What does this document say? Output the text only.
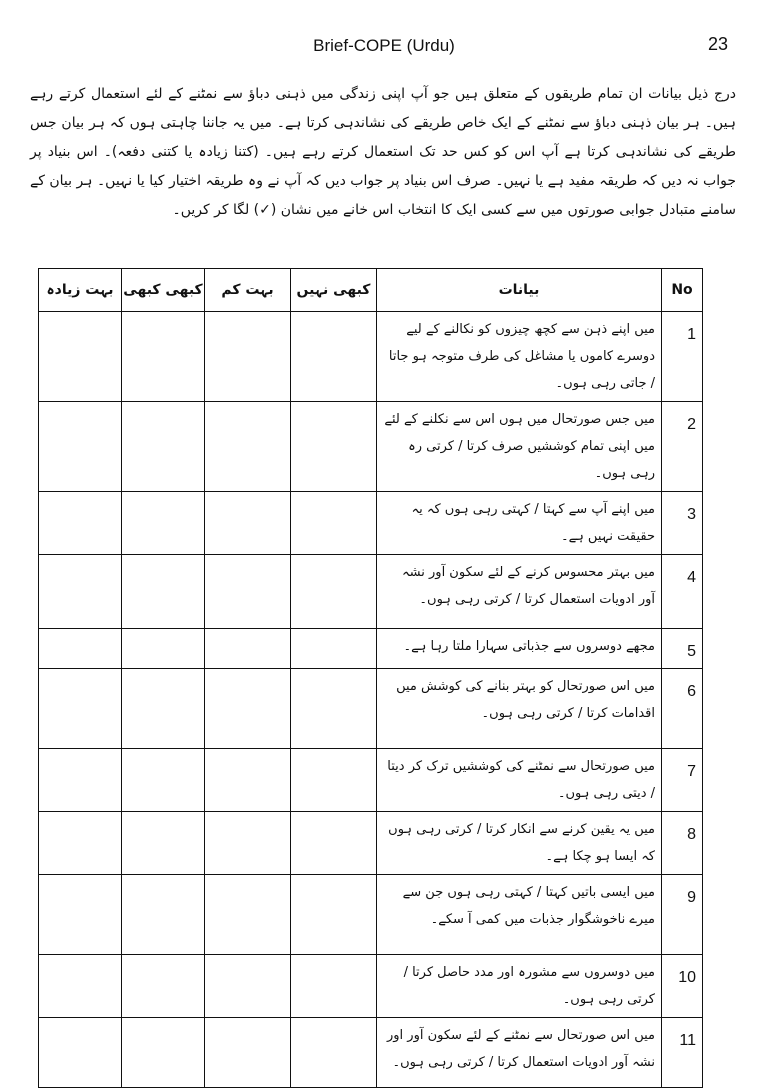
Brief-COPE (Urdu)	23

درج ذیل بیانات ان تمام طریقوں کے متعلق ہیں جو آپ اپنی زندگی میں ذہنی دباؤ سے نمٹنے کے لئے استعمال کرتے رہے ہیں۔ ہر بیان ذہنی دباؤ سے نمٹنے کے ایک خاص طریقے کی نشاندہی کرتا ہے۔ میں یہ جاننا چاہتی ہوں کہ ہر بیان جس طریقے کی نشاندہی کرتا ہے آپ اس کو کس حد تک استعمال کرتے رہے ہیں۔ (کتنا زیادہ یا کتنی دفعہ)۔ اس بنیاد پر جواب نہ دیں کہ طریقہ مفید ہے یا نہیں۔ صرف اس بنیاد پر جواب دیں کہ آپ نے وہ طریقہ اختیار کیا یا نہیں۔ ہر بیان کے سامنے متبادل جوابی صورتوں میں سے کسی ایک کا انتخاب اس خانے میں نشان (✓) لگا کر کریں۔

No	بیانات	کبھی نہیں	بہت کم	کبھی کبھی	بہت زیادہ
1	میں اپنے ذہن سے کچھ چیزوں کو نکالنے کے لیے دوسرے کاموں یا مشاغل کی طرف متوجہ ہو جاتا / جاتی رہی ہوں۔				
2	میں جس صورتحال میں ہوں اس سے نکلنے کے لئے میں اپنی تمام کوششیں صرف کرتا / کرتی رہ رہی ہوں۔				
3	میں اپنے آپ سے کہتا / کہتی رہی ہوں کہ یہ حقیقت نہیں ہے۔				
4	میں بہتر محسوس کرنے کے لئے سکون آور نشہ آور ادویات استعمال کرتا / کرتی رہی ہوں۔				
5	مجھے دوسروں سے جذباتی سہارا ملتا رہا ہے۔				
6	میں اس صورتحال کو بہتر بنانے کی کوشش میں اقدامات کرتا / کرتی رہی ہوں۔				
7	میں صورتحال سے نمٹنے کی کوششیں ترک کر دیتا / دیتی رہی ہوں۔				
8	میں یہ یقین کرنے سے انکار کرتا / کرتی رہی ہوں کہ ایسا ہو چکا ہے۔				
9	میں ایسی باتیں کہتا / کہتی رہی ہوں جن سے میرے ناخوشگوار جذبات میں کمی آ سکے۔				
10	میں دوسروں سے مشورہ اور مدد حاصل کرتا / کرتی رہی ہوں۔				
11	میں اس صورتحال سے نمٹنے کے لئے سکون آور اور نشہ آور ادویات استعمال کرتا / کرتی رہی ہوں۔				
